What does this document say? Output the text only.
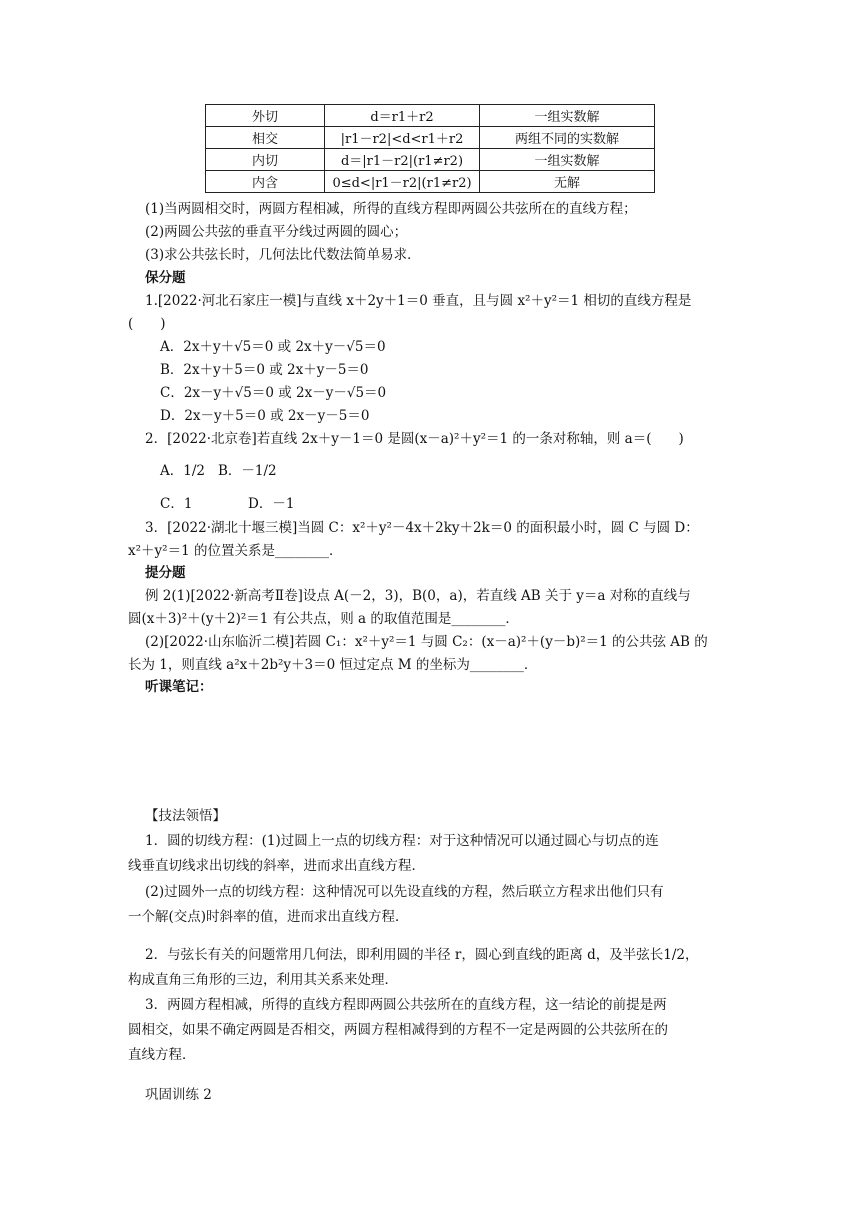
外切	d＝r1＋r2	一组实数解
相交	|r1－r2|<d<r1＋r2	两组不同的实数解
内切	d＝|r1－r2|(r1≠r2)	一组实数解
内含	0≤d<|r1－r2|(r1≠r2)	无解
(1)当两圆相交时，两圆方程相减，所得的直线方程即两圆公共弦所在的直线方程；
(2)两圆公共弦的垂直平分线过两圆的圆心；
(3)求公共弦长时，几何法比代数法简单易求．
保分题
1.[2022·河北石家庄一模]与直线 x＋2y＋1＝0 垂直，且与圆 x²＋y²＝1 相切的直线方程是
(　　)
A．2x＋y＋√5＝0 或 2x＋y－√5＝0
B．2x＋y＋5＝0 或 2x＋y－5＝0
C．2x－y＋√5＝0 或 2x－y－√5＝0
D．2x－y＋5＝0 或 2x－y－5＝0
2．[2022·北京卷]若直线 2x＋y－1＝0 是圆(x－a)²＋y²＝1 的一条对称轴，则 a＝(　　)
A．1/2 B．－1/2
C．1	D．－1
3．[2022·湖北十堰三模]当圆 C：x²＋y²－4x＋2ky＋2k＝0 的面积最小时，圆 C 与圆 D：
x²＋y²＝1 的位置关系是________．
提分题
例 2(1)[2022·新高考Ⅱ卷]设点 A(－2，3)，B(0，a)，若直线 AB 关于 y＝a 对称的直线与
圆(x＋3)²＋(y＋2)²＝1 有公共点，则 a 的取值范围是________．
(2)[2022·山东临沂二模]若圆 C₁：x²＋y²＝1 与圆 C₂：(x－a)²＋(y－b)²＝1 的公共弦 AB 的
长为 1，则直线 a²x＋2b²y＋3＝0 恒过定点 M 的坐标为________．
听课笔记：
【技法领悟】
1．圆的切线方程：(1)过圆上一点的切线方程：对于这种情况可以通过圆心与切点的连
线垂直切线求出切线的斜率，进而求出直线方程．
(2)过圆外一点的切线方程：这种情况可以先设直线的方程，然后联立方程求出他们只有
一个解(交点)时斜率的值，进而求出直线方程．
2．与弦长有关的问题常用几何法，即利用圆的半径 r，圆心到直线的距离 d，及半弦长1/2，
构成直角三角形的三边，利用其关系来处理．
3．两圆方程相减，所得的直线方程即两圆公共弦所在的直线方程，这一结论的前提是两
圆相交，如果不确定两圆是否相交，两圆方程相减得到的方程不一定是两圆的公共弦所在的
直线方程．
巩固训练 2
